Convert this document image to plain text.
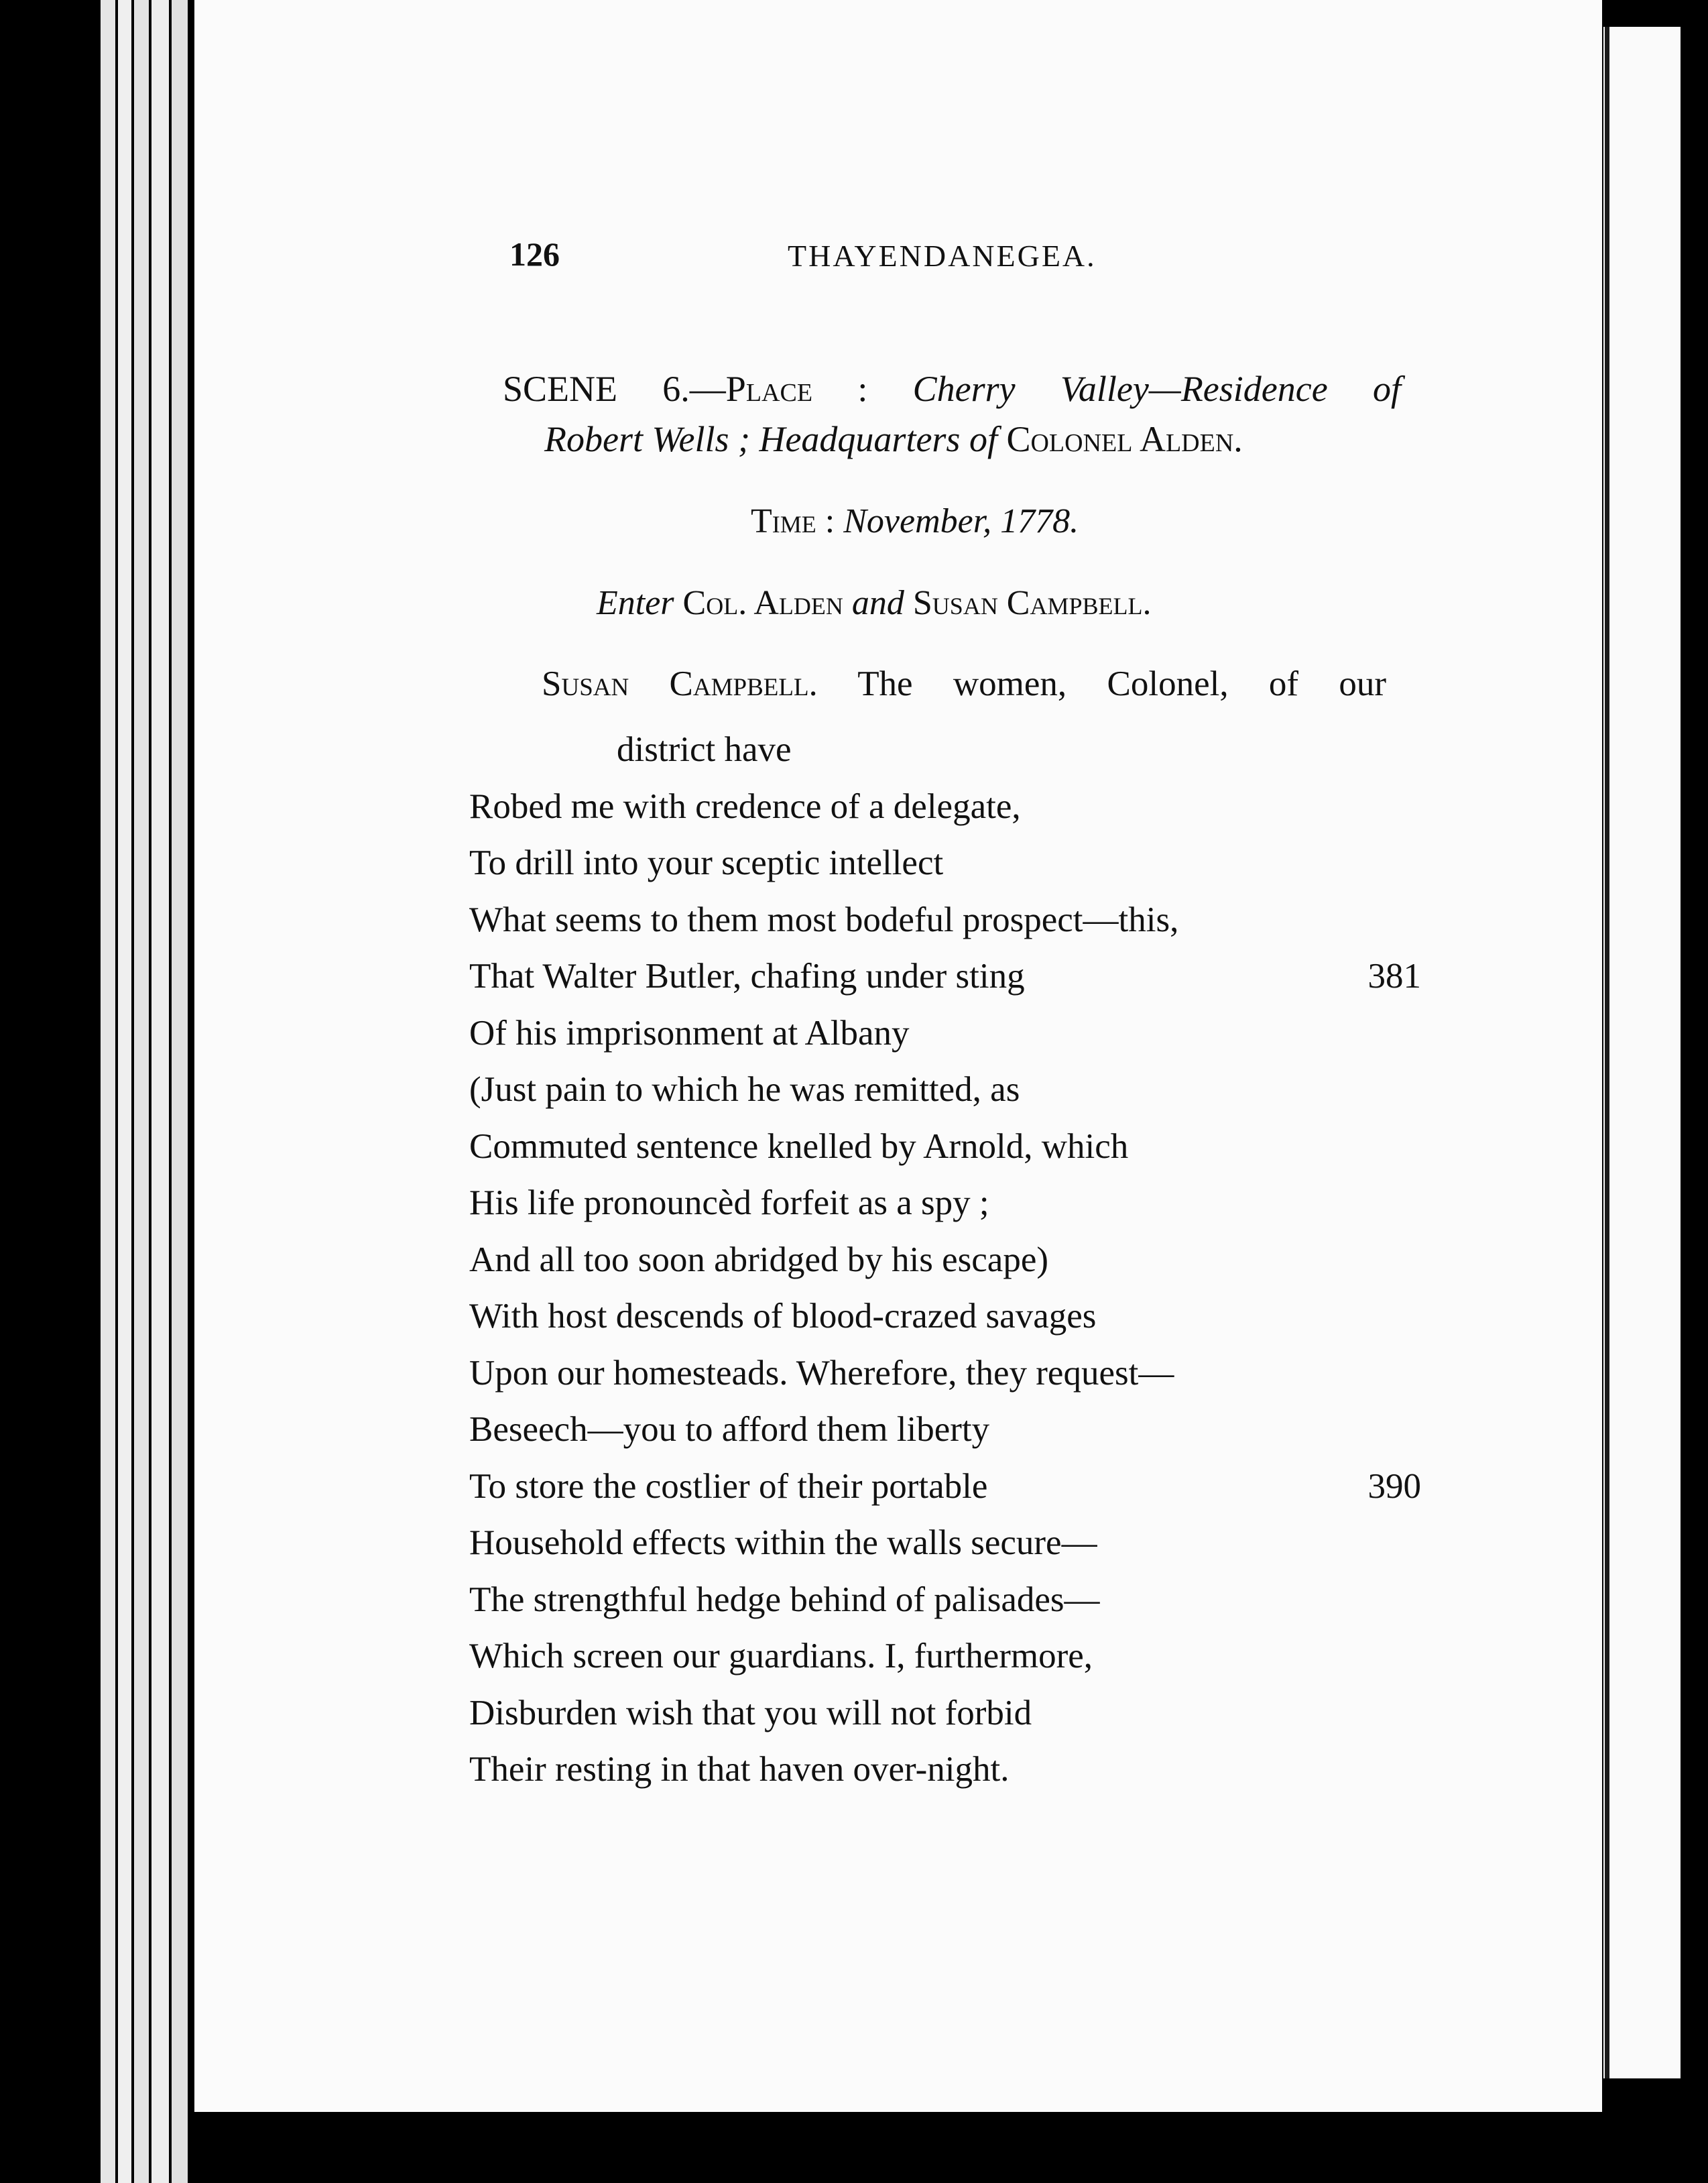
126	THAYENDANEGEA.
SCENE 6.—Place : Cherry Valley—Residence of
Robert Wells ; Headquarters of Colonel Alden.
Time : November, 1778.
Enter Col. Alden and Susan Campbell.
Susan Campbell. The women, Colonel, of our
district have
Robed me with credence of a delegate,
To drill into your sceptic intellect
What seems to them most bodeful prospect—this,
That Walter Butler, chafing under sting	381
Of his imprisonment at Albany
(Just pain to which he was remitted, as
Commuted sentence knelled by Arnold, which
His life pronouncèd forfeit as a spy ;
And all too soon abridged by his escape)
With host descends of blood-crazed savages
Upon our homesteads. Wherefore, they request—
Beseech—you to afford them liberty
To store the costlier of their portable	390
Household effects within the walls secure—
The strengthful hedge behind of palisades—
Which screen our guardians. I, furthermore,
Disburden wish that you will not forbid
Their resting in that haven over-night.
